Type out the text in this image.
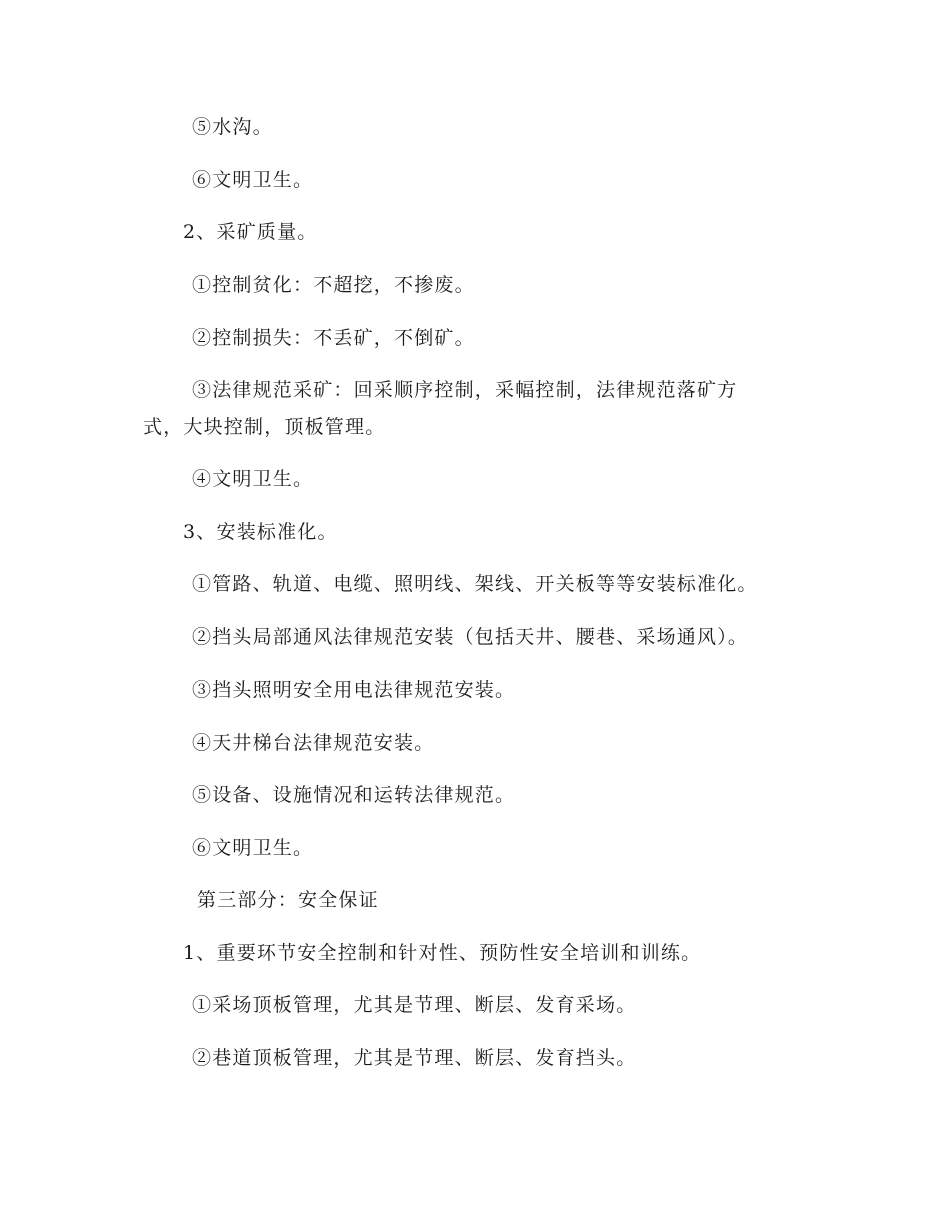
⑤水沟。
⑥文明卫生。
2、采矿质量。
①控制贫化：不超挖，不掺废。
②控制损失：不丢矿，不倒矿。
③法律规范采矿：回采顺序控制，采幅控制，法律规范落矿方
式，大块控制，顶板管理。
④文明卫生。
3、安装标准化。
①管路、轨道、电缆、照明线、架线、开关板等等安装标准化。
②挡头局部通风法律规范安装（包括天井、腰巷、采场通风）。
③挡头照明安全用电法律规范安装。
④天井梯台法律规范安装。
⑤设备、设施情况和运转法律规范。
⑥文明卫生。
第三部分：安全保证
1、重要环节安全控制和针对性、预防性安全培训和训练。
①采场顶板管理，尤其是节理、断层、发育采场。
②巷道顶板管理，尤其是节理、断层、发育挡头。
